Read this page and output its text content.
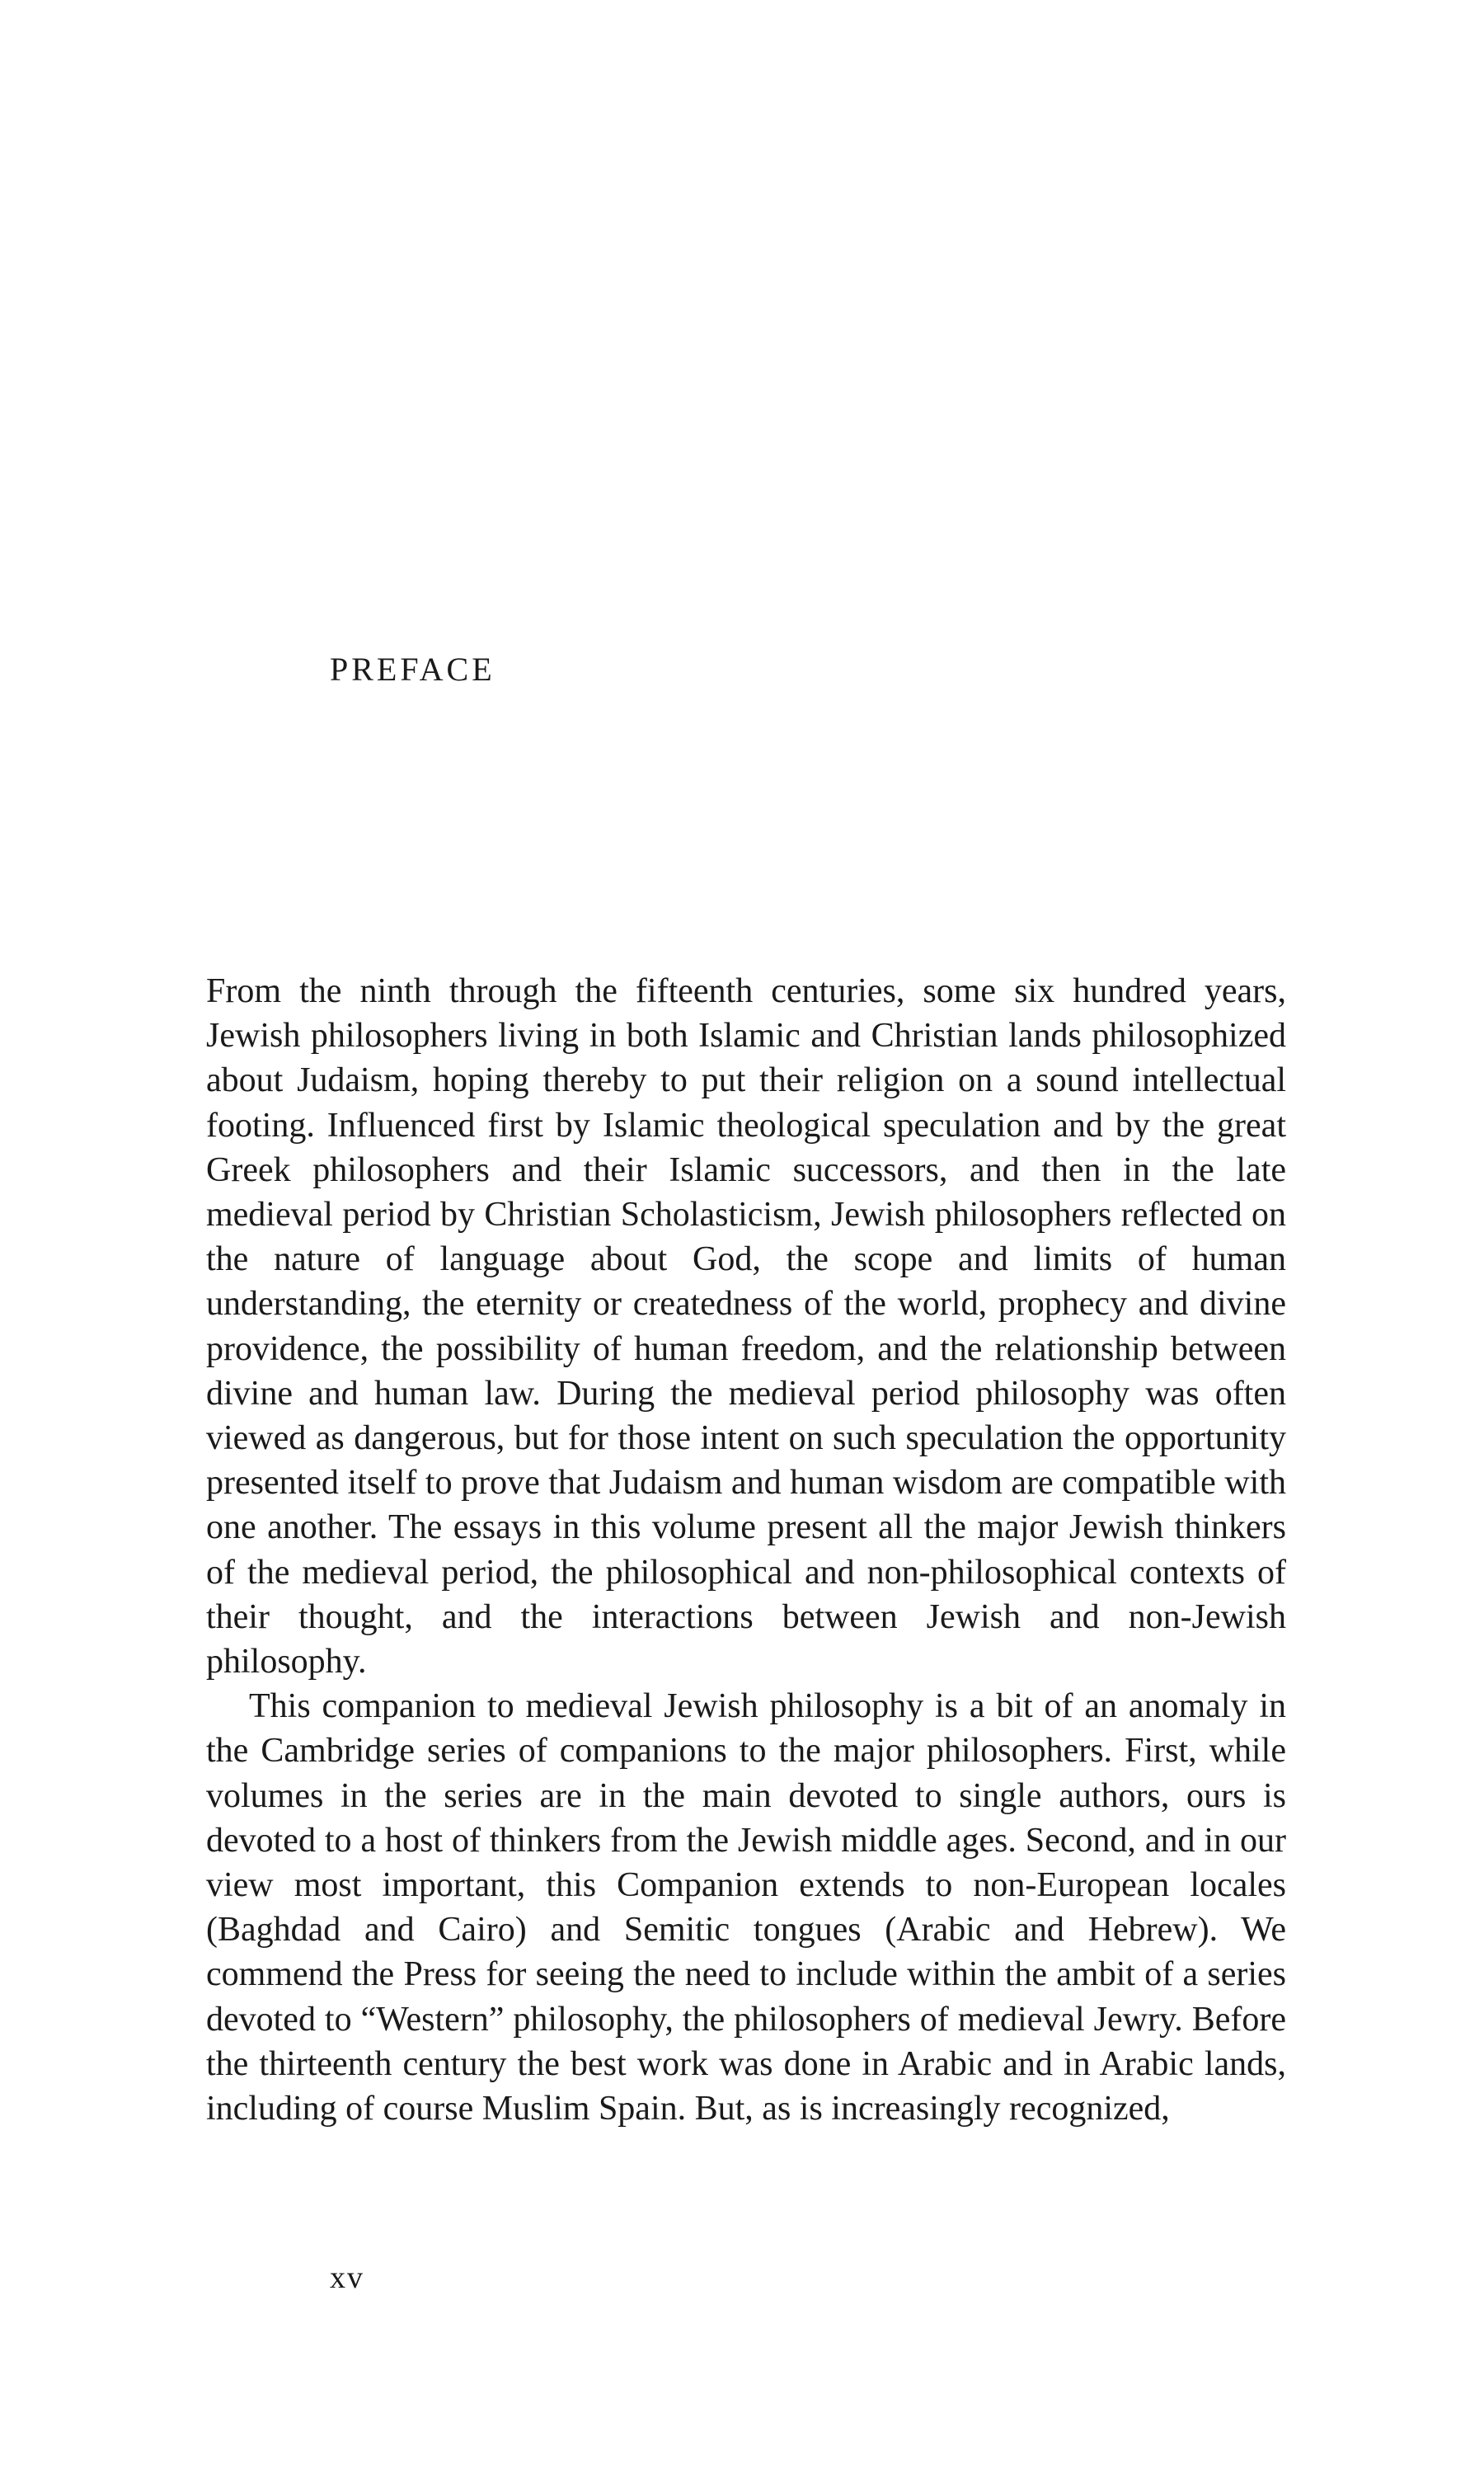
PREFACE

From the ninth through the fifteenth centuries, some six hundred years, Jewish philosophers living in both Islamic and Christian lands philosophized about Judaism, hoping thereby to put their religion on a sound intellectual footing. Influenced first by Islamic theological speculation and by the great Greek philosophers and their Islamic successors, and then in the late medieval period by Christian Scholasticism, Jewish philosophers reflected on the nature of language about God, the scope and limits of human understanding, the eternity or createdness of the world, prophecy and divine providence, the possibility of human freedom, and the relationship between divine and human law. During the medieval period philosophy was often viewed as dangerous, but for those intent on such speculation the opportunity presented itself to prove that Judaism and human wisdom are compatible with one another. The essays in this volume present all the major Jewish thinkers of the medieval period, the philosophical and non-philosophical contexts of their thought, and the interactions between Jewish and non-Jewish philosophy.

This companion to medieval Jewish philosophy is a bit of an anomaly in the Cambridge series of companions to the major philosophers. First, while volumes in the series are in the main devoted to single authors, ours is devoted to a host of thinkers from the Jewish middle ages. Second, and in our view most important, this Companion extends to non-European locales (Baghdad and Cairo) and Semitic tongues (Arabic and Hebrew). We commend the Press for seeing the need to include within the ambit of a series devoted to “Western” philosophy, the philosophers of medieval Jewry. Before the thirteenth century the best work was done in Arabic and in Arabic lands, including of course Muslim Spain. But, as is increasingly recognized,

xv
